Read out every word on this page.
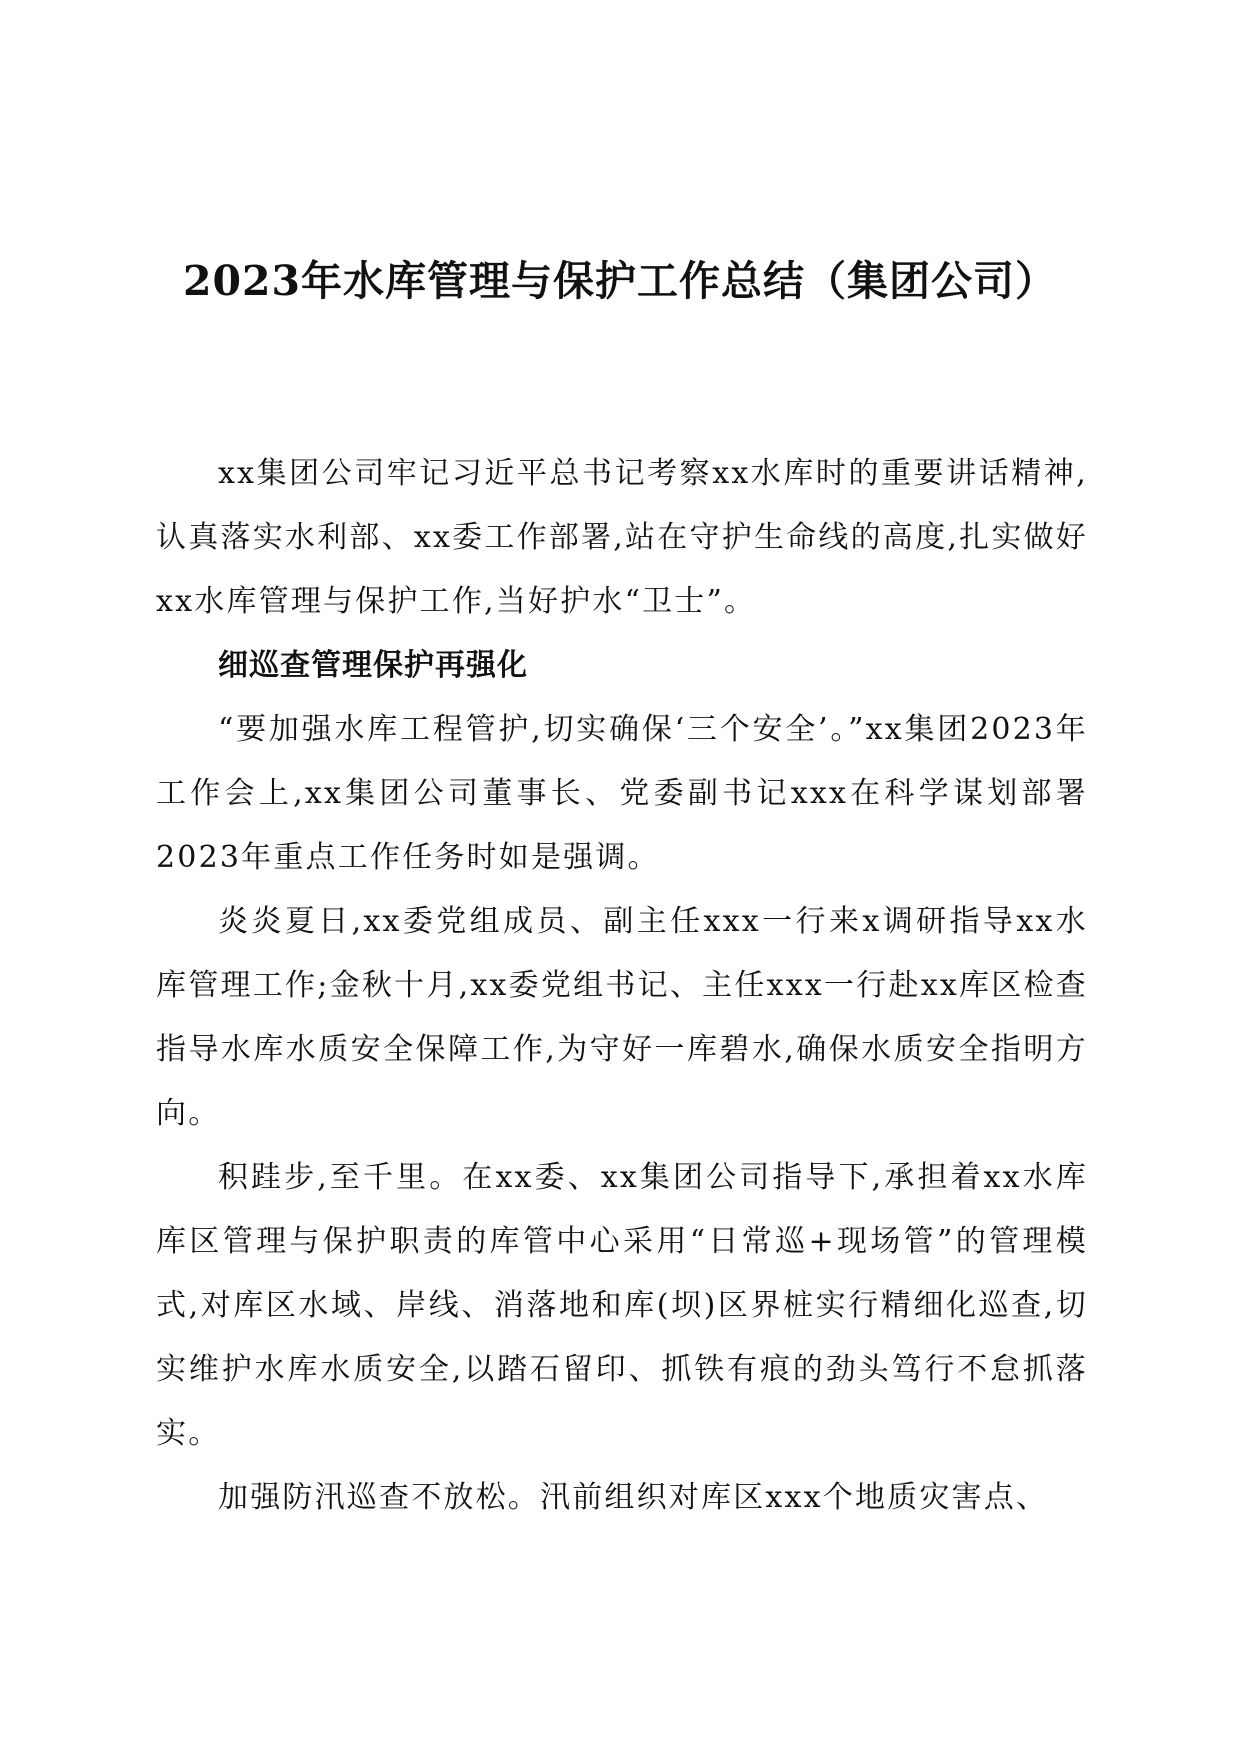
2023年水库管理与保护工作总结（集团公司）

xx集团公司牢记习近平总书记考察xx水库时的重要讲话精神,认真落实水利部、xx委工作部署,站在守护生命线的高度,扎实做好xx水库管理与保护工作,当好护水“卫士”。

细巡查管理保护再强化

“要加强水库工程管护,切实确保‘三个安全’。”xx集团2023年工作会上,xx集团公司董事长、党委副书记xxx在科学谋划部署2023年重点工作任务时如是强调。

炎炎夏日,xx委党组成员、副主任xxx一行来x调研指导xx水库管理工作;金秋十月,xx委党组书记、主任xxx一行赴xx库区检查指导水库水质安全保障工作,为守好一库碧水,确保水质安全指明方向。

积跬步,至千里。在xx委、xx集团公司指导下,承担着xx水库库区管理与保护职责的库管中心采用“日常巡+现场管”的管理模式,对库区水域、岸线、消落地和库(坝)区界桩实行精细化巡查,切实维护水库水质安全,以踏石留印、抓铁有痕的劲头笃行不怠抓落实。

加强防汛巡查不放松。汛前组织对库区xxx个地质灾害点、
